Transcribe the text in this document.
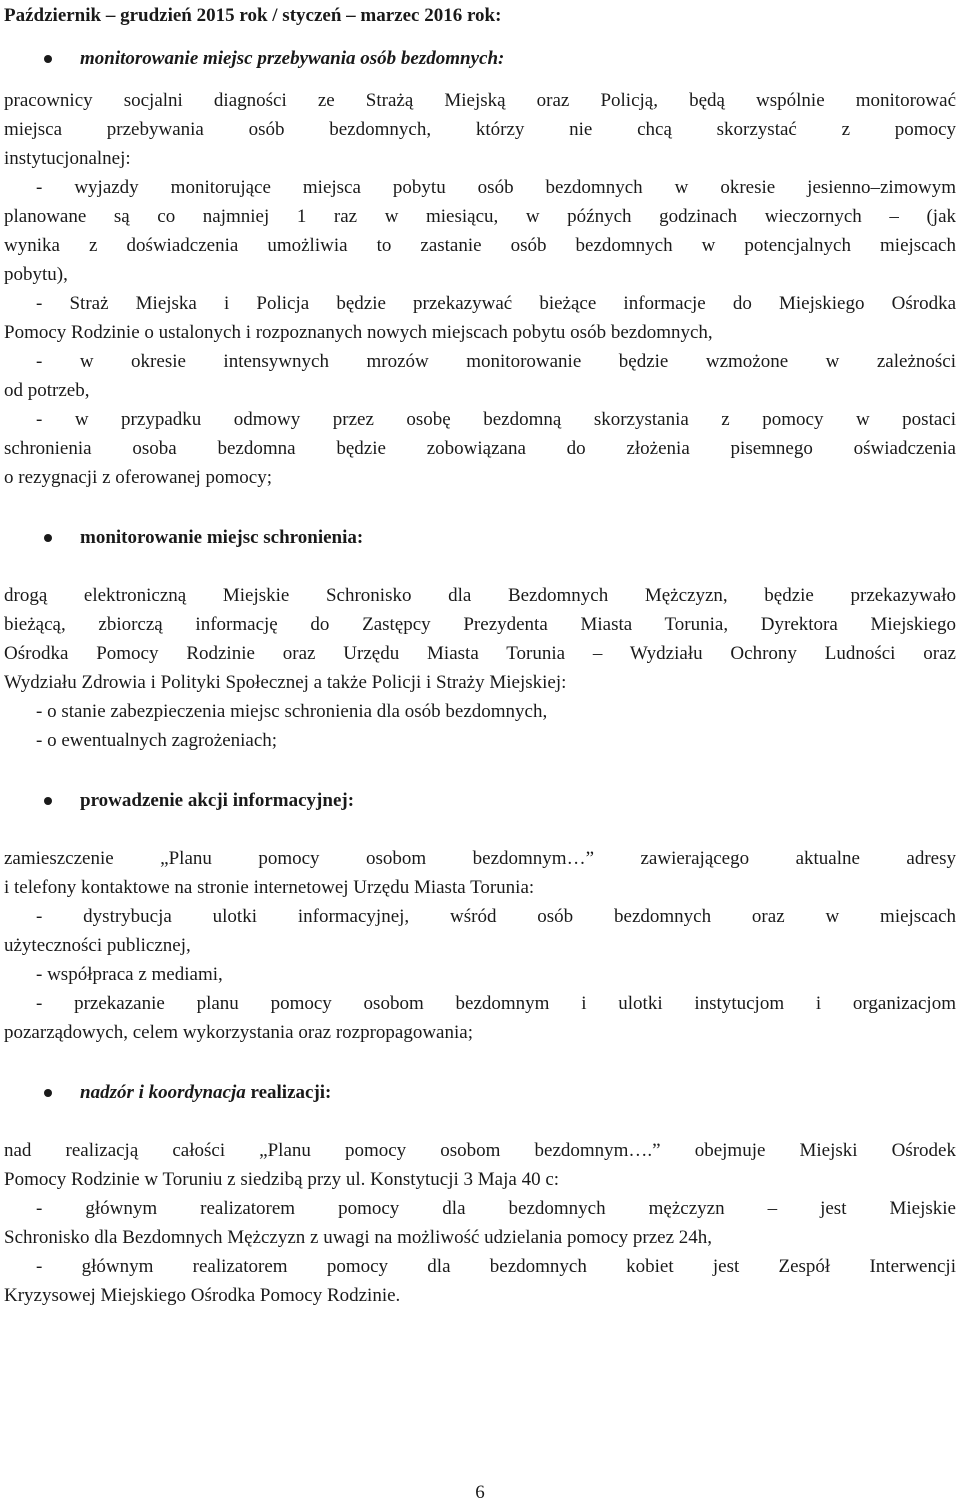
Październik – grudzień 2015 rok / styczeń – marzec 2016 rok:
monitorowanie miejsc przebywania osób bezdomnych:
pracownicy socjalni diagności ze Strażą Miejską oraz Policją, będą wspólnie monitorować
miejsca przebywania osób bezdomnych, którzy nie chcą skorzystać z pomocy
instytucjonalnej:
- wyjazdy monitorujące miejsca pobytu osób bezdomnych w okresie jesienno–zimowym
planowane są co najmniej 1 raz w miesiącu, w późnych godzinach wieczornych – (jak
wynika z doświadczenia umożliwia to zastanie osób bezdomnych w potencjalnych miejscach
pobytu),
- Straż Miejska i Policja będzie przekazywać bieżące informacje do Miejskiego Ośrodka
Pomocy Rodzinie o ustalonych i rozpoznanych nowych miejscach pobytu osób bezdomnych,
- w okresie intensywnych mrozów monitorowanie będzie wzmożone w zależności
od potrzeb,
- w przypadku odmowy przez osobę bezdomną skorzystania z pomocy w postaci
schronienia osoba bezdomna będzie zobowiązana do złożenia pisemnego oświadczenia
o rezygnacji z oferowanej pomocy;
monitorowanie miejsc schronienia:
drogą elektroniczną Miejskie Schronisko dla Bezdomnych Mężczyzn, będzie przekazywało
bieżącą, zbiorczą informację do Zastępcy Prezydenta Miasta Torunia, Dyrektora Miejskiego
Ośrodka Pomocy Rodzinie oraz Urzędu Miasta Torunia – Wydziału Ochrony Ludności oraz
Wydziału Zdrowia i Polityki Społecznej a także Policji i Straży Miejskiej:
- o stanie zabezpieczenia miejsc schronienia dla osób bezdomnych,
- o ewentualnych zagrożeniach;
prowadzenie akcji informacyjnej:
zamieszczenie „Planu pomocy osobom bezdomnym…” zawierającego aktualne adresy
i telefony kontaktowe na stronie internetowej Urzędu Miasta Torunia:
- dystrybucja ulotki informacyjnej, wśród osób bezdomnych oraz w miejscach
użyteczności publicznej,
- współpraca z mediami,
- przekazanie planu pomocy osobom bezdomnym i ulotki instytucjom i organizacjom
pozarządowych, celem wykorzystania oraz rozpropagowania;
nadzór i koordynacja realizacji:
nad realizacją całości „Planu pomocy osobom bezdomnym….” obejmuje Miejski Ośrodek
Pomocy Rodzinie w Toruniu z siedzibą przy ul. Konstytucji 3 Maja 40 c:
- głównym realizatorem pomocy dla bezdomnych mężczyzn – jest Miejskie
Schronisko dla Bezdomnych Mężczyzn z uwagi na możliwość udzielania pomocy przez 24h,
- głównym realizatorem pomocy dla bezdomnych kobiet jest Zespół Interwencji
Kryzysowej Miejskiego Ośrodka Pomocy Rodzinie.
6
